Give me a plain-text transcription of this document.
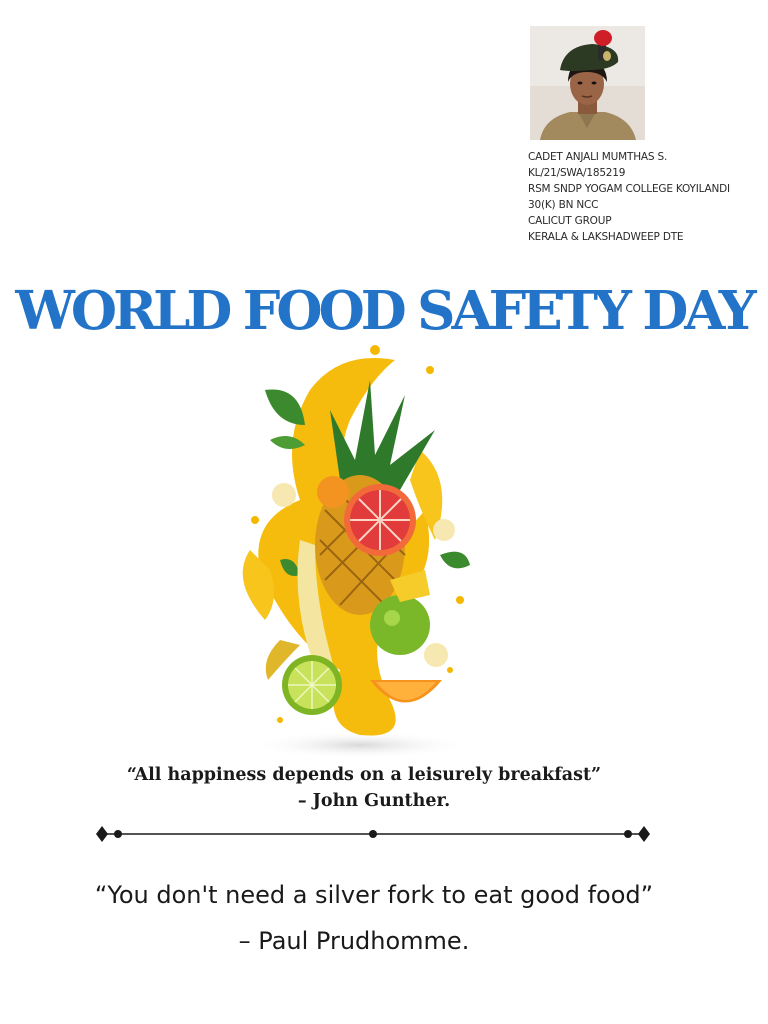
CADET ANJALI MUMTHAS S.
KL/21/SWA/185219
RSM SNDP YOGAM COLLEGE KOYILANDI
30(K) BN NCC
CALICUT GROUP
KERALA & LAKSHADWEEP DTE
WORLD FOOD SAFETY DAY
“All happiness depends on a leisurely breakfast”
– John Gunther.
“You don't need a silver fork to eat good food”
– Paul Prudhomme.
